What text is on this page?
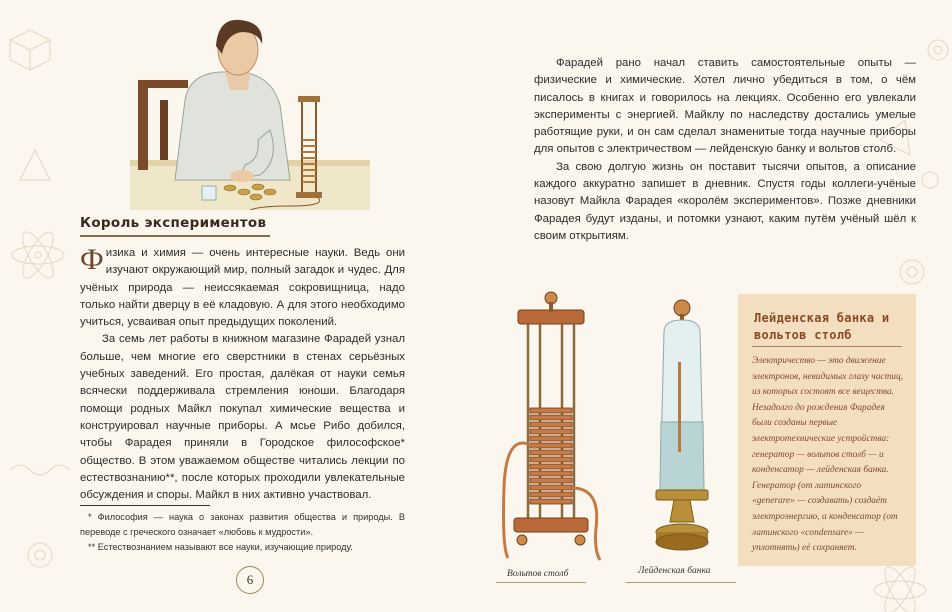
Король экспериментов

Физика и химия — очень интересные науки. Ведь они изучают окружающий мир, полный загадок и чудес. Для учёных природа — неиссякаемая сокровищница, надо только найти дверцу в её кладовую. А для этого необходимо учиться, усваивая опыт предыдущих поколений.

За семь лет работы в книжном магазине Фарадей узнал больше, чем многие его сверстники в стенах серьёзных учебных заведений. Его простая, далёкая от науки семья всячески поддерживала стремления юноши. Благодаря помощи родных Майкл покупал химические вещества и конструировал научные приборы. А мсье Рибо добился, чтобы Фарадея приняли в Городское философское* общество. В этом уважаемом обществе читались лекции по естествознанию**, после которых проходили увлекательные обсуждения и споры. Майкл в них активно участвовал.

* Философия — наука о законах развития общества и природы. В переводе с греческого означает «любовь к мудрости».

** Естествознанием называют все науки, изучающие природу.

6

Фарадей рано начал ставить самостоятельные опыты — физические и химические. Хотел лично убедиться в том, о чём писалось в книгах и говорилось на лекциях. Особенно его увлекали эксперименты с энергией. Майклу по наследству достались умелые работящие руки, и он сам сделал знаменитые тогда научные приборы для опытов с электричеством — лейденскую банку и вольтов столб.

За свою долгую жизнь он поставит тысячи опытов, а описание каждого аккуратно запишет в дневник. Спустя годы коллеги-учёные назовут Майкла Фарадея «королём экспериментов». Позже дневники Фарадея будут изданы, и потомки узнают, каким путём учёный шёл к своим открытиям.

Вольтов столб	Лейденская банка
Лейденская банка и вольтов столб
Электричество — это движение электронов, невидимых глазу частиц, из которых состоят все вещества. Незадолго до рождения Фарадея были созданы первые электротехнические устройства: генератор — вольтов столб — и конденсатор — лейденская банка. Генератор (от латинского «generare» — создавать) создаёт электроэнергию, а конденсатор (от латинского «condensare» — уплотнять) её сохраняет.
